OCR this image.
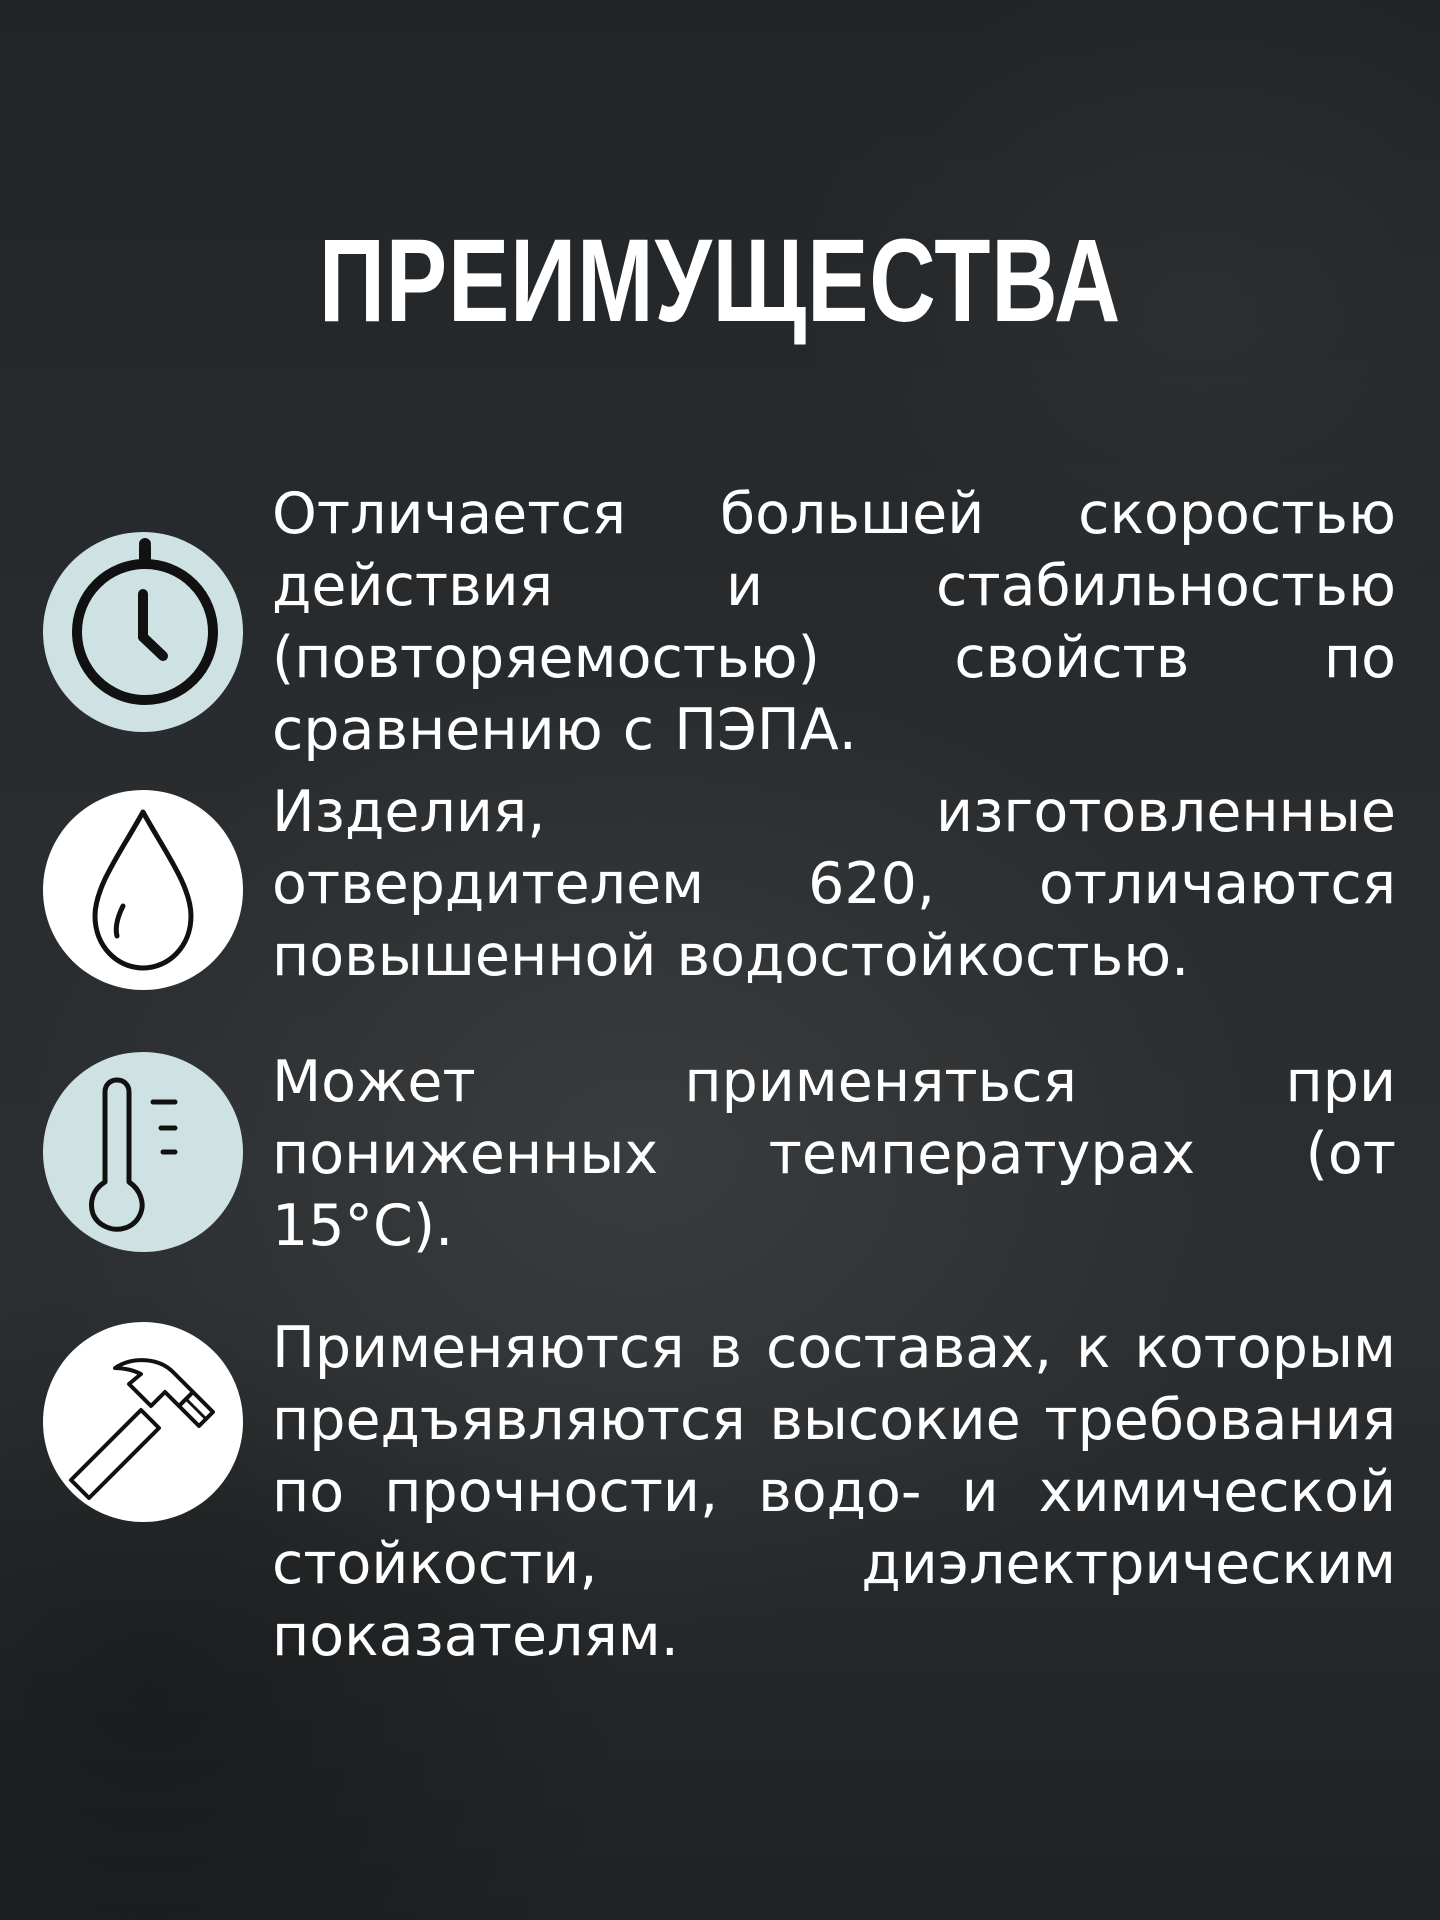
ПРЕИМУЩЕСТВА
Отличается большей скоростью действия и стабильностью (повторяемостью) свойств по сравнению с ПЭПА.
Изделия, изготовленные отвердителем 620, отличаются повышенной водостойкостью.
Может применяться при пониженных температурах (от 15°С).
Применяются в составах, к которым предъявляются высокие требования по прочности, водо- и химической стойкости, диэлектрическим показателям.
